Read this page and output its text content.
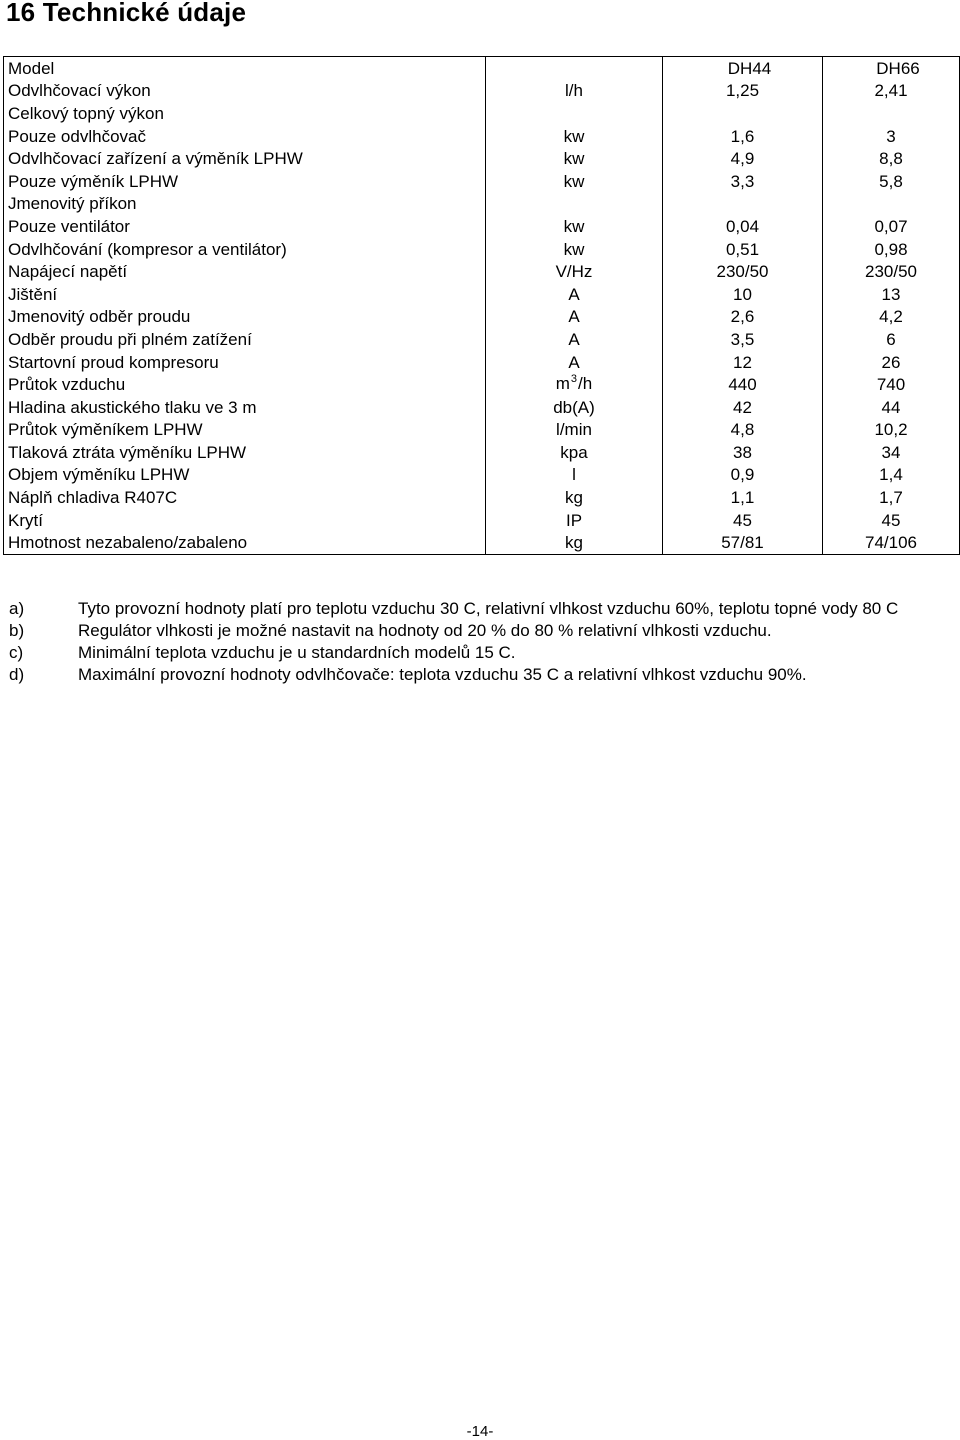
16 Technické údaje
Model		DH44	DH66
Odvlhčovací výkon	l/h	1,25	2,41
Celkový topný výkon			
Pouze odvlhčovač	kw	1,6	3
Odvlhčovací zařízení a výměník LPHW	kw	4,9	8,8
Pouze výměník LPHW	kw	3,3	5,8
Jmenovitý příkon			
Pouze ventilátor	kw	0,04	0,07
Odvlhčování (kompresor a ventilátor)	kw	0,51	0,98
Napájecí napětí	V/Hz	230/50	230/50
Jištění	A	10	13
Jmenovitý odběr proudu	A	2,6	4,2
Odběr proudu při plném zatížení	A	3,5	6
Startovní proud kompresoru	A	12	26
Průtok vzduchu	$m^3/h$	440	740
Hladina akustického tlaku ve 3 m	db(A)	42	44
Průtok výměníkem LPHW	l/min	4,8	10,2
Tlaková ztráta výměníku LPHW	kpa	38	34
Objem výměníku LPHW	l	0,9	1,4
Náplň chladiva R407C	kg	1,1	1,7
Krytí	IP	45	45
Hmotnost nezabaleno/zabaleno	kg	57/81	74/106
a)	Tyto provozní hodnoty platí pro teplotu vzduchu 30 C, relativní vlhkost vzduchu 60%, teplotu topné vody 80 C
b)	Regulátor vlhkosti je možné nastavit na hodnoty od 20 % do 80 % relativní vlhkosti vzduchu.
c)	Minimální teplota vzduchu je u standardních modelů 15 C.
d)	Maximální provozní hodnoty odvlhčovače: teplota vzduchu 35 C a relativní vlhkost vzduchu 90%.
-14-
